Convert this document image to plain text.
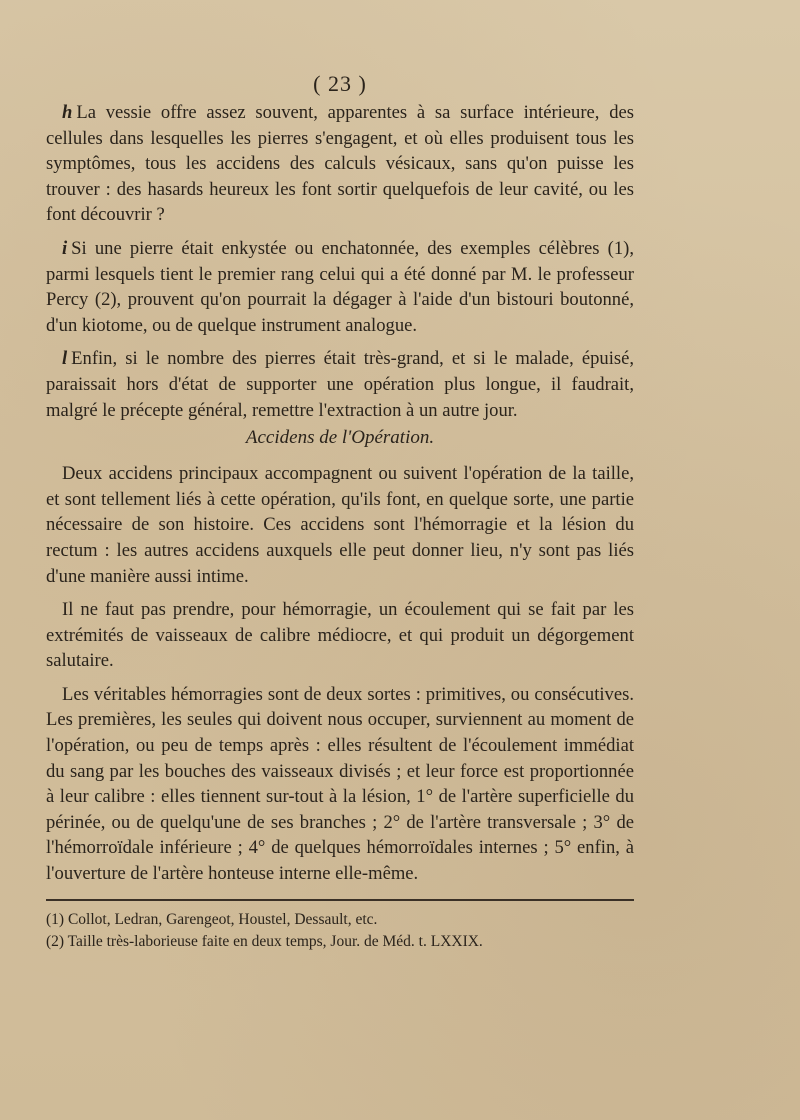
( 23 )

h La vessie offre assez souvent, apparentes à sa surface intérieure, des cellules dans lesquelles les pierres s'engagent, et où elles produisent tous les symptômes, tous les accidens des calculs vésicaux, sans qu'on puisse les trouver : des hasards heureux les font sortir quelquefois de leur cavité, ou les font découvrir ?

i Si une pierre était enkystée ou enchatonnée, des exemples célèbres (1), parmi lesquels tient le premier rang celui qui a été donné par M. le professeur Percy (2), prouvent qu'on pourrait la dégager à l'aide d'un bistouri boutonné, d'un kiotome, ou de quelque instrument analogue.

l Enfin, si le nombre des pierres était très-grand, et si le malade, épuisé, paraissait hors d'état de supporter une opération plus longue, il faudrait, malgré le précepte général, remettre l'extraction à un autre jour.

Accidens de l'Opération.

Deux accidens principaux accompagnent ou suivent l'opération de la taille, et sont tellement liés à cette opération, qu'ils font, en quelque sorte, une partie nécessaire de son histoire. Ces accidens sont l'hémorragie et la lésion du rectum : les autres accidens auxquels elle peut donner lieu, n'y sont pas liés d'une manière aussi intime.

Il ne faut pas prendre, pour hémorragie, un écoulement qui se fait par les extrémités de vaisseaux de calibre médiocre, et qui produit un dégorgement salutaire.

Les véritables hémorragies sont de deux sortes : primitives, ou consécutives. Les premières, les seules qui doivent nous occuper, surviennent au moment de l'opération, ou peu de temps après : elles résultent de l'écoulement immédiat du sang par les bouches des vaisseaux divisés ; et leur force est proportionnée à leur calibre : elles tiennent sur-tout à la lésion, 1° de l'artère superficielle du périnée, ou de quelqu'une de ses branches ; 2° de l'artère transversale ; 3° de l'hémorroïdale inférieure ; 4° de quelques hémorroïdales internes ; 5° enfin, à l'ouverture de l'artère honteuse interne elle-même.

(1) Collot, Ledran, Garengeot, Houstel, Dessault, etc.

(2) Taille très-laborieuse faite en deux temps, Jour. de Méd. t. LXXIX.
